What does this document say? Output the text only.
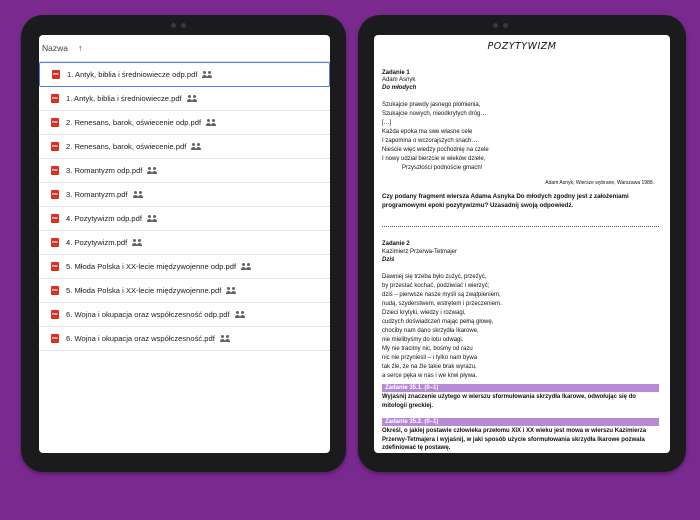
Nazwa ↑
PDF 1. Antyk, biblia i średniowiecze odp.pdf
PDF 1. Antyk, biblia i średniowiecze.pdf
PDF 2. Renesans, barok, oświecenie odp.pdf
PDF 2. Renesans, barok, oświecenie.pdf
PDF 3. Romantyzm odp.pdf
PDF 3. Romantyzm.pdf
PDF 4. Pozytywizm odp.pdf
PDF 4. Pozytywizm.pdf
PDF 5. Młoda Polska i XX-lecie międzywojenne odp.pdf
PDF 5. Młoda Polska i XX-lecie międzywojenne.pdf
PDF 6. Wojna i okupacja oraz współczesność odp.pdf
PDF 6. Wojna i okupacja oraz współczesność.pdf
POZYTYWIZM
Zadanie 1
Adam Asnyk
Do młodych
Szukajcie prawdy jasnego płomienia,
Szukajcie nowych, nieodkrytych dróg…
[…]
Każda epoka ma swe własne cele
I zapomina o wczorajszych snach…
Nieście więc wiedzy pochodnię na czele
I nowy udział bierzcie w wieków dziele,
Przyszłości podnoście gmach!
Adam Asnyk, Wiersze wybrane, Warszawa 1988.
Czy podany fragment wiersza Adama Asnyka Do młodych zgodny jest z założeniami programowymi epoki pozytywizmu? Uzasadnij swoją odpowiedź.
Zadanie 2
Kazimierz Przerwa-Tetmajer
Dziś
Dawniej się trzeba było zużyć, przeżyć,
by przestać kochać, podziwiać i wierzyć;
dziś – pierwsze nasze myśli są zwątpieniem,
nudą, szyderstwem, wstrętem i przeczeniem.
Dzieci krytyki, wiedzy i rozwagi,
cudzych doświadczeń mając pełną głowę,
chociby nam dano skrzydła Ikarowe,
nie mielibyśmy do lotu odwagi.
My nie tracimy nic, bośmy od razu
nic nie przyniesli – i tylko nam bywa
tak źle, że na źle takie brak wyrazu,
a serce pęka w nas i we krwi pływa.
Zadanie 35.1. (0–1)
Wyjaśnij znaczenie użytego w wierszu sformułowania skrzydła Ikarowe, odwołując się do mitologii greckiej.
Zadanie 35.2. (0–1)
Określ, o jakiej postawie człowieka przełomu XIX i XX wieku jest mowa w wierszu Kazimierza Przerwy-Tetmajera i wyjaśnij, w jaki sposób użycie sformułowania skrzydła Ikarowe pozwala zdefiniować tę postawę.
